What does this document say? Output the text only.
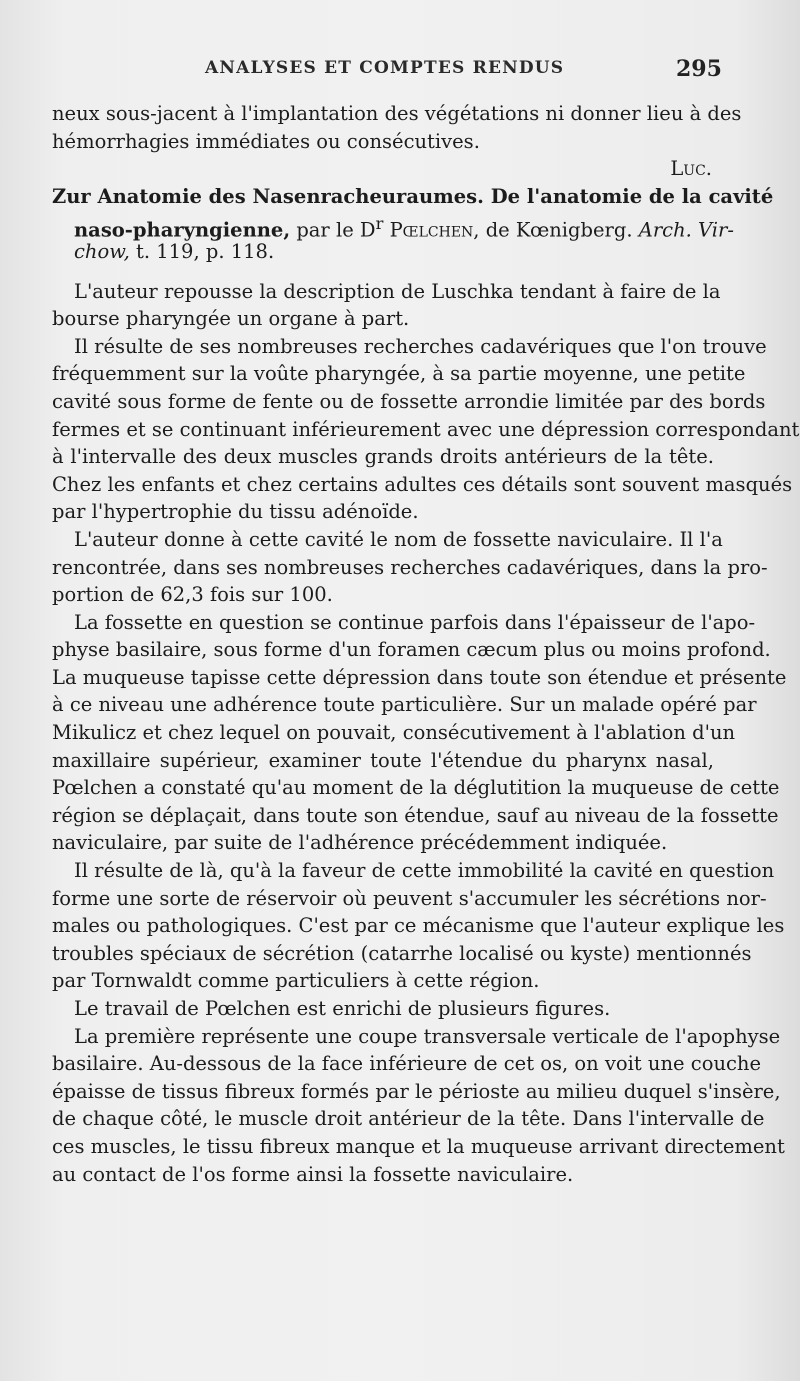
ANALYSES ET COMPTES RENDUS	295
neux sous-jacent à l'implantation des végétations ni donner lieu à des
hémorrhagies immédiates ou consécutives.
Luc.
Zur Anatomie des Nasenracheuraumes. De l'anatomie de la cavité
naso-pharyngienne, par le $D^r$ Pœlchen, de Kœnigberg. Arch. Vir-
chow, t. 119, p. 118.
L'auteur repousse la description de Luschka tendant à faire de la
bourse pharyngée un organe à part.
Il résulte de ses nombreuses recherches cadavériques que l'on trouve
fréquemment sur la voûte pharyngée, à sa partie moyenne, une petite
cavité sous forme de fente ou de fossette arrondie limitée par des bords
fermes et se continuant inférieurement avec une dépression correspondant
à l'intervalle des deux muscles grands droits antérieurs de la tête.
Chez les enfants et chez certains adultes ces détails sont souvent masqués
par l'hypertrophie du tissu adénoïde.
L'auteur donne à cette cavité le nom de fossette naviculaire. Il l'a
rencontrée, dans ses nombreuses recherches cadavériques, dans la pro-
portion de 62,3 fois sur 100.
La fossette en question se continue parfois dans l'épaisseur de l'apo-
physe basilaire, sous forme d'un foramen cæcum plus ou moins profond.
La muqueuse tapisse cette dépression dans toute son étendue et présente
à ce niveau une adhérence toute particulière. Sur un malade opéré par
Mikulicz et chez lequel on pouvait, consécutivement à l'ablation d'un
maxillaire supérieur, examiner toute l'étendue du pharynx nasal,
Pœlchen a constaté qu'au moment de la déglutition la muqueuse de cette
région se déplaçait, dans toute son étendue, sauf au niveau de la fossette
naviculaire, par suite de l'adhérence précédemment indiquée.
Il résulte de là, qu'à la faveur de cette immobilité la cavité en question
forme une sorte de réservoir où peuvent s'accumuler les sécrétions nor-
males ou pathologiques. C'est par ce mécanisme que l'auteur explique les
troubles spéciaux de sécrétion (catarrhe localisé ou kyste) mentionnés
par Tornwaldt comme particuliers à cette région.
Le travail de Pœlchen est enrichi de plusieurs figures.
La première représente une coupe transversale verticale de l'apophyse
basilaire. Au-dessous de la face inférieure de cet os, on voit une couche
épaisse de tissus fibreux formés par le périoste au milieu duquel s'insère,
de chaque côté, le muscle droit antérieur de la tête. Dans l'intervalle de
ces muscles, le tissu fibreux manque et la muqueuse arrivant directement
au contact de l'os forme ainsi la fossette naviculaire.
